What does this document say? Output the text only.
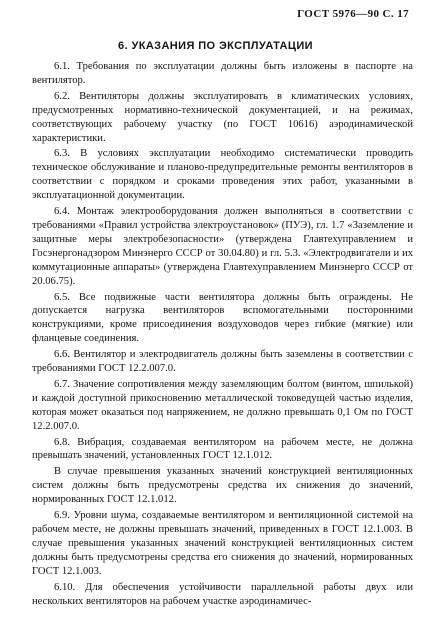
ГОСТ 5976—90 С. 17
6. УКАЗАНИЯ ПО ЭКСПЛУАТАЦИИ

6.1. Требования по эксплуатации должны быть изложены в паспорте на вентилятор.

6.2. Вентиляторы должны эксплуатировать в климатических условиях, предусмотренных нормативно-технической документацией, и на режимах, соответствующих рабочему участку (по ГОСТ 10616) аэродинамической характеристики.

6.3. В условиях эксплуатации необходимо систематически проводить техническое обслуживание и планово-предупредительные ремонты вентиляторов в соответствии с порядком и сроками проведения этих работ, указанными в эксплуатационной документации.

6.4. Монтаж электрооборудования должен выполняться в соответствии с требованиями «Правил устройства электроустановок» (ПУЭ), гл. 1.7 «Заземление и защитные меры электробезопасности» (утверждена Главтехуправлением и Госэнергонадзором Минэнерго СССР от 30.04.80) и гл. 5.3. «Электродвигатели и их коммутационные аппараты» (утверждена Главтехуправлением Минэнерго СССР от 20.06.75).

6.5. Все подвижные части вентилятора должны быть ограждены. Не допускается нагрузка вентиляторов вспомогательными посторонними конструкциями, кроме присоединения воздуховодов через гибкие (мягкие) или фланцевые соединения.

6.6. Вентилятор и электродвигатель должны быть заземлены в соответствии с требованиями ГОСТ 12.2.007.0.

6.7. Значение сопротивления между заземляющим болтом (винтом, шпилькой) и каждой доступной прикосновению металлической токоведущей частью изделия, которая может оказаться под напряжением, не должно превышать 0,1 Ом по ГОСТ 12.2.007.0.

6.8. Вибрация, создаваемая вентилятором на рабочем месте, не должна превышать значений, установленных ГОСТ 12.1.012.

В случае превышения указанных значений конструкцией вентиляционных систем должны быть предусмотрены средства их снижения до значений, нормированных ГОСТ 12.1.012.

6.9. Уровни шума, создаваемые вентилятором и вентиляционной системой на рабочем месте, не должны превышать значений, приведенных в ГОСТ 12.1.003. В случае превышения указанных значений конструкцией вентиляционных систем должны быть предусмотрены средства его снижения до значений, нормированных ГОСТ 12.1.003.

6.10. Для обеспечения устойчивости параллельной работы двух или нескольких вентиляторов на рабочем участке аэродинамичес-
